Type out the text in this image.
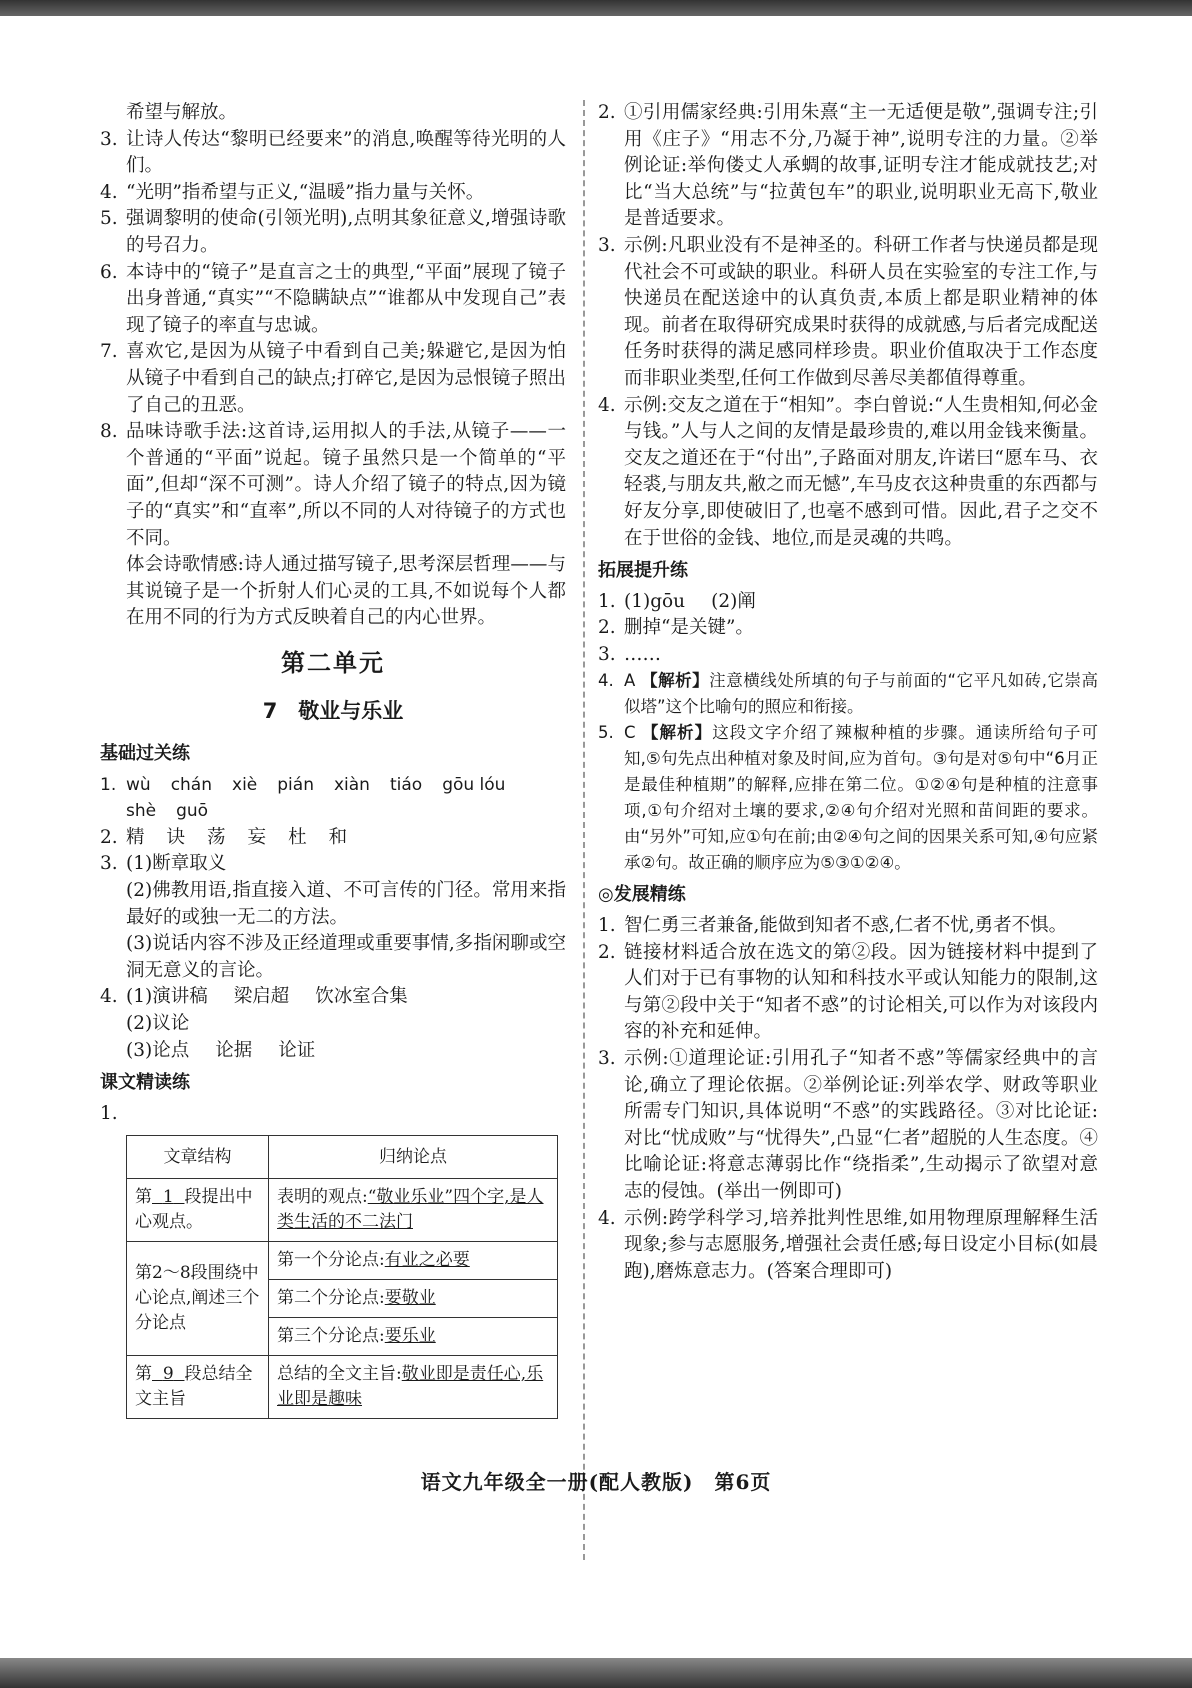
希望与解放。

3. 让诗人传达“黎明已经要来”的消息,唤醒等待光明的人们。

4. “光明”指希望与正义,“温暖”指力量与关怀。

5. 强调黎明的使命(引领光明),点明其象征意义,增强诗歌的号召力。

6. 本诗中的“镜子”是直言之士的典型,“平面”展现了镜子出身普通,“真实”“不隐瞒缺点”“谁都从中发现自己”表现了镜子的率直与忠诚。

7. 喜欢它,是因为从镜子中看到自己美;躲避它,是因为怕从镜子中看到自己的缺点;打碎它,是因为忌恨镜子照出了自己的丑恶。

8. 品味诗歌手法:这首诗,运用拟人的手法,从镜子——一个普通的“平面”说起。镜子虽然只是一个简单的“平面”,但却“深不可测”。诗人介绍了镜子的特点,因为镜子的“真实”和“直率”,所以不同的人对待镜子的方式也不同。

体会诗歌情感:诗人通过描写镜子,思考深层哲理——与其说镜子是一个折射人们心灵的工具,不如说每个人都在用不同的行为方式反映着自己的内心世界。

第二单元
7　敬业与乐业
基础过关练

1. wù chán xiè pián xiàn tiáo gōu lóu
shè guō

2. 精 诀 荡 妄 杜 和

3. (1)断章取义

(2)佛教用语,指直接入道、不可言传的门径。常用来指最好的或独一无二的方法。

(3)说话内容不涉及正经道理或重要事情,多指闲聊或空洞无意义的言论。

4. (1)演讲稿 梁启超 饮冰室合集

(2)议论

(3)论点 论据 论证

课文精读练

1.

文章结构	归纳论点
第 1 段提出中心观点。	表明的观点:“敬业乐业”四个字,是人类生活的不二法门
第2～8段围绕中心论点,阐述三个分论点	第一个分论点:有业之必要
	第二个分论点:要敬业
	第三个分论点:要乐业
第 9 段总结全文主旨	总结的全文主旨:敬业即是责任心,乐业即是趣味

2. ①引用儒家经典:引用朱熹“主一无适便是敬”,强调专注;引用《庄子》“用志不分,乃凝于神”,说明专注的力量。②举例论证:举佝偻丈人承蜩的故事,证明专注才能成就技艺;对比“当大总统”与“拉黄包车”的职业,说明职业无高下,敬业是普适要求。

3. 示例:凡职业没有不是神圣的。科研工作者与快递员都是现代社会不可或缺的职业。科研人员在实验室的专注工作,与快递员在配送途中的认真负责,本质上都是职业精神的体现。前者在取得研究成果时获得的成就感,与后者完成配送任务时获得的满足感同样珍贵。职业价值取决于工作态度而非职业类型,任何工作做到尽善尽美都值得尊重。

4. 示例:交友之道在于“相知”。李白曾说:“人生贵相知,何必金与钱。”人与人之间的友情是最珍贵的,难以用金钱来衡量。交友之道还在于“付出”,子路面对朋友,许诺曰“愿车马、衣轻裘,与朋友共,敝之而无憾”,车马皮衣这种贵重的东西都与好友分享,即使破旧了,也毫不感到可惜。因此,君子之交不在于世俗的金钱、地位,而是灵魂的共鸣。

拓展提升练

1. (1)gōu (2)阐

2. 删掉“是关键”。

3. ……

4. A 【解析】注意横线处所填的句子与前面的“它平凡如砖,它崇高似塔”这个比喻句的照应和衔接。

5. C 【解析】这段文字介绍了辣椒种植的步骤。通读所给句子可知,⑤句先点出种植对象及时间,应为首句。③句是对⑤句中“6月正是最佳种植期”的解释,应排在第二位。①②④句是种植的注意事项,①句介绍对土壤的要求,②④句介绍对光照和苗间距的要求。由“另外”可知,应①句在前;由②④句之间的因果关系可知,④句应紧承②句。故正确的顺序应为⑤③①②④。

◎发展精练

1. 智仁勇三者兼备,能做到知者不惑,仁者不忧,勇者不惧。

2. 链接材料适合放在选文的第②段。因为链接材料中提到了人们对于已有事物的认知和科技水平或认知能力的限制,这与第②段中关于“知者不惑”的讨论相关,可以作为对该段内容的补充和延伸。

3. 示例:①道理论证:引用孔子“知者不惑”等儒家经典中的言论,确立了理论依据。②举例论证:列举农学、财政等职业所需专门知识,具体说明“不惑”的实践路径。③对比论证:对比“忧成败”与“忧得失”,凸显“仁者”超脱的人生态度。④比喻论证:将意志薄弱比作“绕指柔”,生动揭示了欲望对意志的侵蚀。(举出一例即可)

4. 示例:跨学科学习,培养批判性思维,如用物理原理解释生活现象;参与志愿服务,增强社会责任感;每日设定小目标(如晨跑),磨炼意志力。(答案合理即可)

语文九年级全一册(配人教版)　第6页
